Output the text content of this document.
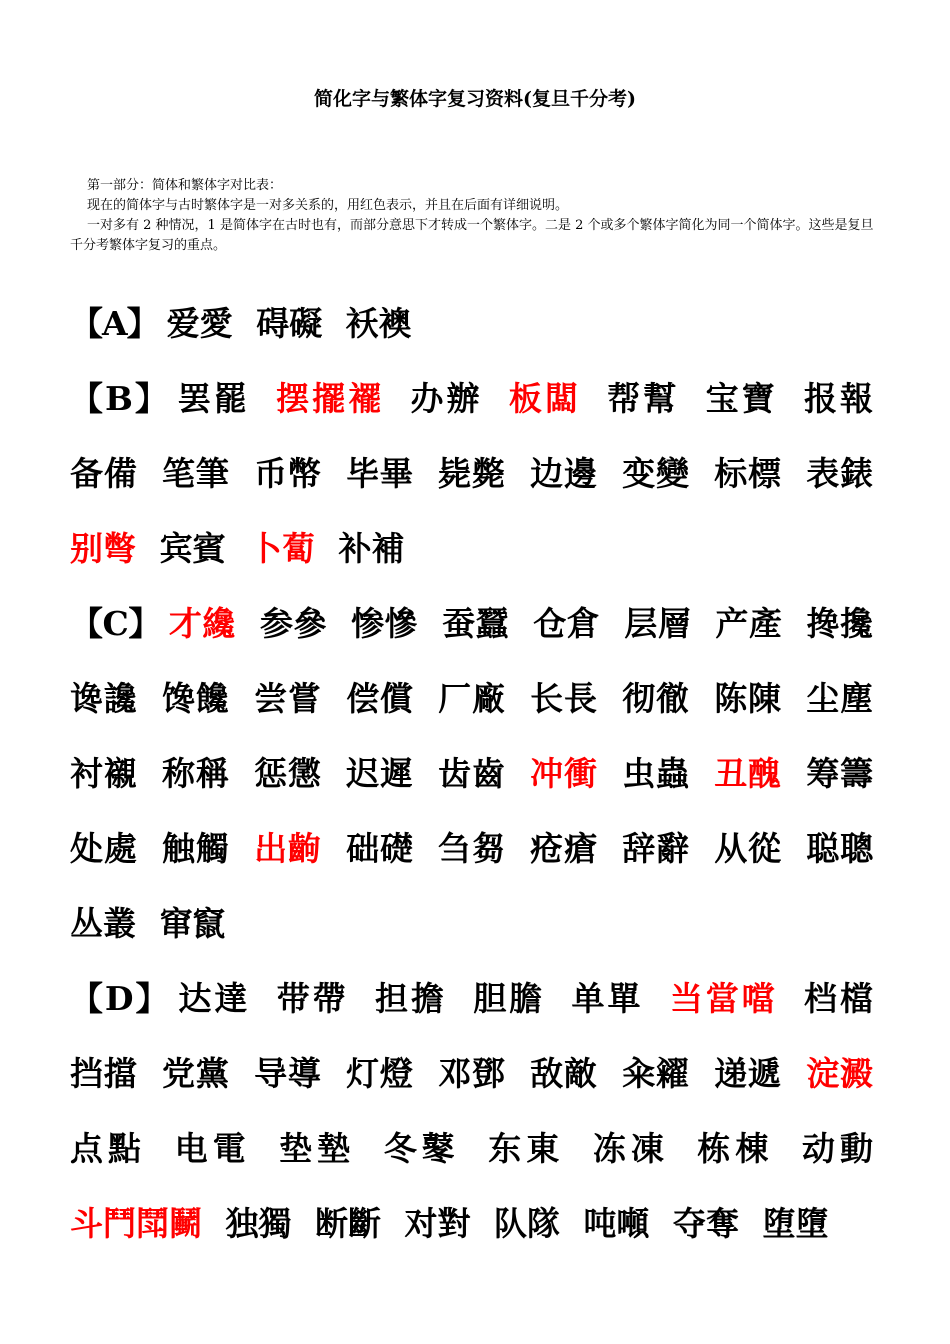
简化字与繁体字复习资料(复旦千分考)

第一部分：简体和繁体字对比表：

现在的简体字与古时繁体字是一对多关系的，用红色表示，并且在后面有详细说明。

一对多有 2 种情况，1 是简体字在古时也有，而部分意思下才转成一个繁体字。二是 2 个或多个繁体字简化为同一个简体字。这些是复旦千分考繁体字复习的重点。

【A】 爱愛 碍礙 袄襖

【B】 罢罷 摆擺襬 办辦 板闆 帮幫 宝寶 报報 备備 笔筆 币幣 毕畢 毙斃 边邊 变變 标標 表錶 别彆 宾賓 卜蔔 补補

【C】 才纔 参參 惨慘 蚕蠶 仓倉 层層 产產 搀攙 谗讒 馋饞 尝嘗 偿償 厂廠 长長 彻徹 陈陳 尘塵 衬襯 称稱 惩懲 迟遲 齿齒 冲衝 虫蟲 丑醜 筹籌 处處 触觸 出齣 础礎 刍芻 疮瘡 辞辭 从從 聪聰 丛叢 窜竄

【D】 达達 带帶 担擔 胆膽 单單 当當噹 档檔 挡擋 党黨 导導 灯燈 邓鄧 敌敵 籴糴 递遞 淀澱 点點 电電 垫墊 冬鼕 东東 冻凍 栋棟 动動 斗鬥鬦鬭 独獨 断斷 对對 队隊 吨噸 夺奪 堕墮
